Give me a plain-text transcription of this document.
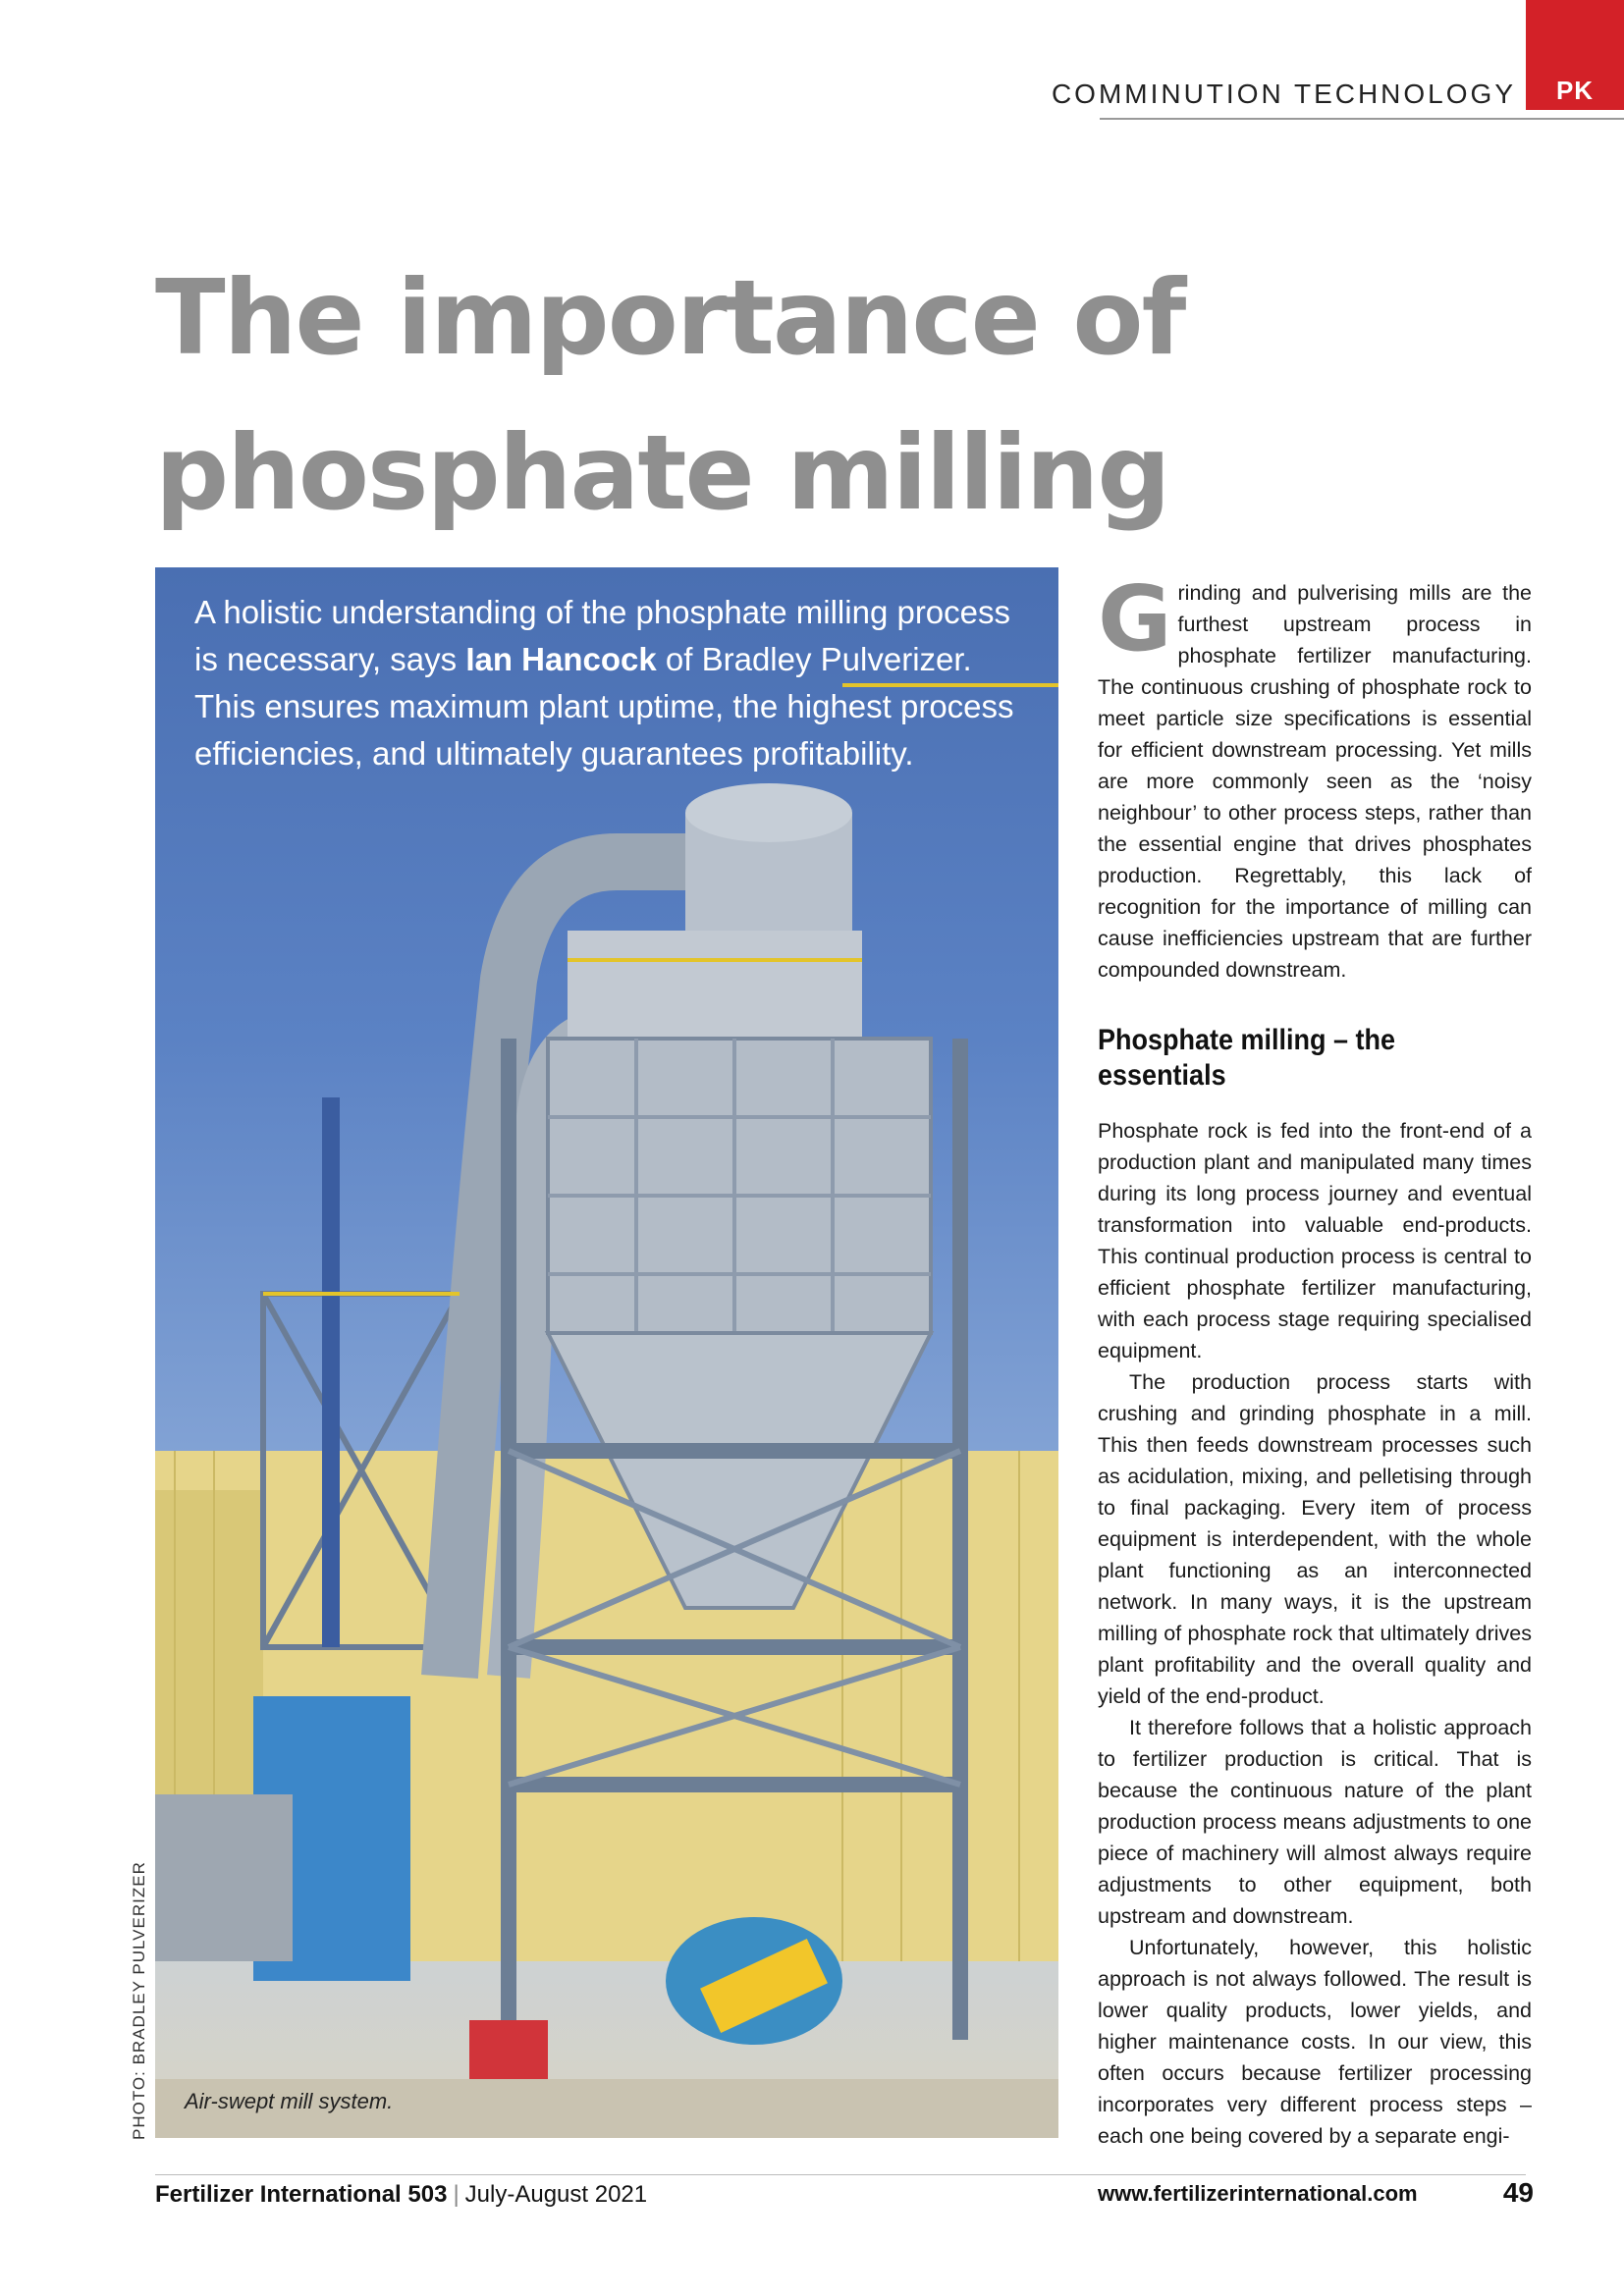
PK
COMMINUTION TECHNOLOGY
The importance of
phosphate milling

A holistic understanding of the phosphate milling process is necessary, says Ian Hancock of Bradley Pulverizer. This ensures maximum plant uptime, the highest process efficiencies, and ultimately guarantees profitability.

Air-swept mill system.
PHOTO: BRADLEY PULVERIZER

Grinding and pulverising mills are the furthest upstream process in phosphate fertilizer manufacturing. The continuous crushing of phosphate rock to meet particle size specifications is essential for efficient downstream processing. Yet mills are more commonly seen as the ‘noisy neighbour’ to other process steps, rather than the essential engine that drives phosphates production. Regrettably, this lack of recognition for the importance of milling can cause inefficiencies upstream that are further compounded downstream.

Phosphate milling – the essentials

Phosphate rock is fed into the front-end of a production plant and manipulated many times during its long process journey and eventual transformation into valuable end-products. This continual production process is central to efficient phosphate fertilizer manufacturing, with each process stage requiring specialised equipment.

The production process starts with crushing and grinding phosphate in a mill. This then feeds downstream processes such as acidulation, mixing, and pelletising through to final packaging. Every item of process equipment is interdependent, with the whole plant functioning as an interconnected network. In many ways, it is the upstream milling of phosphate rock that ultimately drives plant profitability and the overall quality and yield of the end-product.

It therefore follows that a holistic approach to fertilizer production is critical. That is because the continuous nature of the plant production process means adjustments to one piece of machinery will almost always require adjustments to other equipment, both upstream and downstream.

Unfortunately, however, this holistic approach is not always followed. The result is lower quality products, lower yields, and higher maintenance costs. In our view, this often occurs because fertilizer processing incorporates very different process steps – each one being covered by a separate engi-

Fertilizer International 503 | July-August 2021	www.fertilizerinternational.com	49
